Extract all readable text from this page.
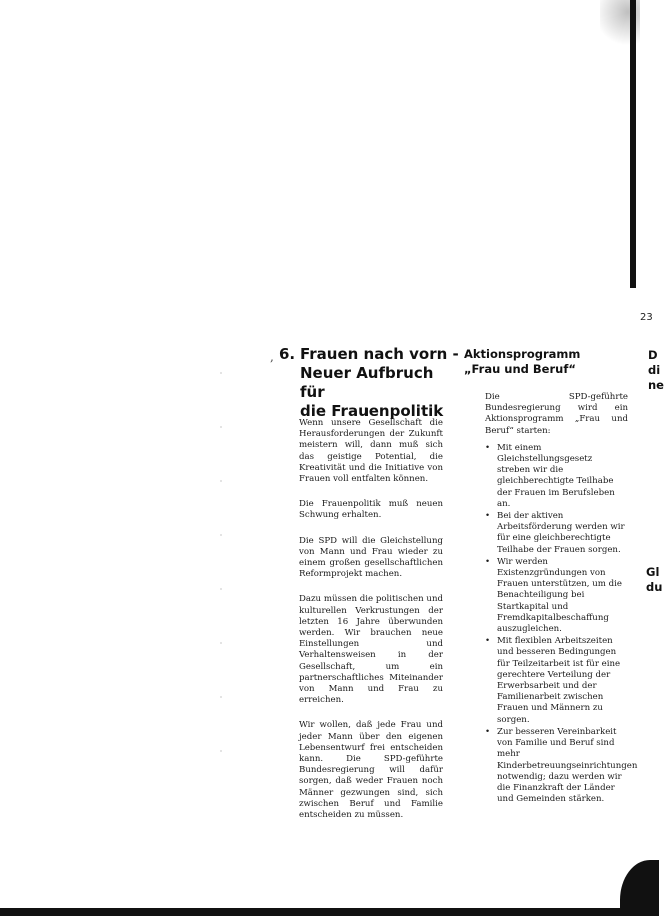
23
, 6. Frauen nach vorn -
Neuer Aufbruch für
die Frauenpolitik

Wenn unsere Gesellschaft die Herausforderungen der Zukunft meistern will, dann muß sich das geistige Potential, die Kreativität und die Initiative von Frauen voll entfalten können.

Die Frauenpolitik muß neuen Schwung erhalten.

Die SPD will die Gleichstellung von Mann und Frau wieder zu einem großen gesellschaftlichen Reformprojekt machen.

Dazu müssen die politischen und kulturellen Verkrustungen der letzten 16 Jahre überwunden werden. Wir brauchen neue Einstellungen und Verhaltensweisen in der Gesellschaft, um ein partnerschaftliches Miteinander von Mann und Frau zu erreichen.

Wir wollen, daß jede Frau und jeder Mann über den eigenen Lebensentwurf frei entscheiden kann. Die SPD-geführte Bundesregierung will dafür sorgen, daß weder Frauen noch Männer gezwungen sind, sich zwischen Beruf und Familie entscheiden zu müssen.

Aktionsprogramm
„Frau und Beruf“

Die SPD-geführte Bundesregierung wird ein Aktionsprogramm „Frau und Beruf“ starten:

• Mit einem Gleichstellungsgesetz streben wir die gleichberechtigte Teilhabe der Frauen im Berufsleben an.
• Bei der aktiven Arbeitsförderung werden wir für eine gleichberechtigte Teilhabe der Frauen sorgen.
• Wir werden Existenzgründungen von Frauen unterstützen, um die Benachteiligung bei Startkapital und Fremdkapitalbeschaffung auszugleichen.
• Mit flexiblen Arbeitszeiten und besseren Bedingungen für Teilzeitarbeit ist für eine gerechtere Verteilung der Erwerbsarbeit und der Familienarbeit zwischen Frauen und Männern zu sorgen.
• Zur besseren Vereinbarkeit von Familie und Beruf sind mehr Kinderbetreuungseinrichtungen notwendig; dazu werden wir die Finanzkraft der Länder und Gemeinden stärken.
D
di
ne
Gl
du
